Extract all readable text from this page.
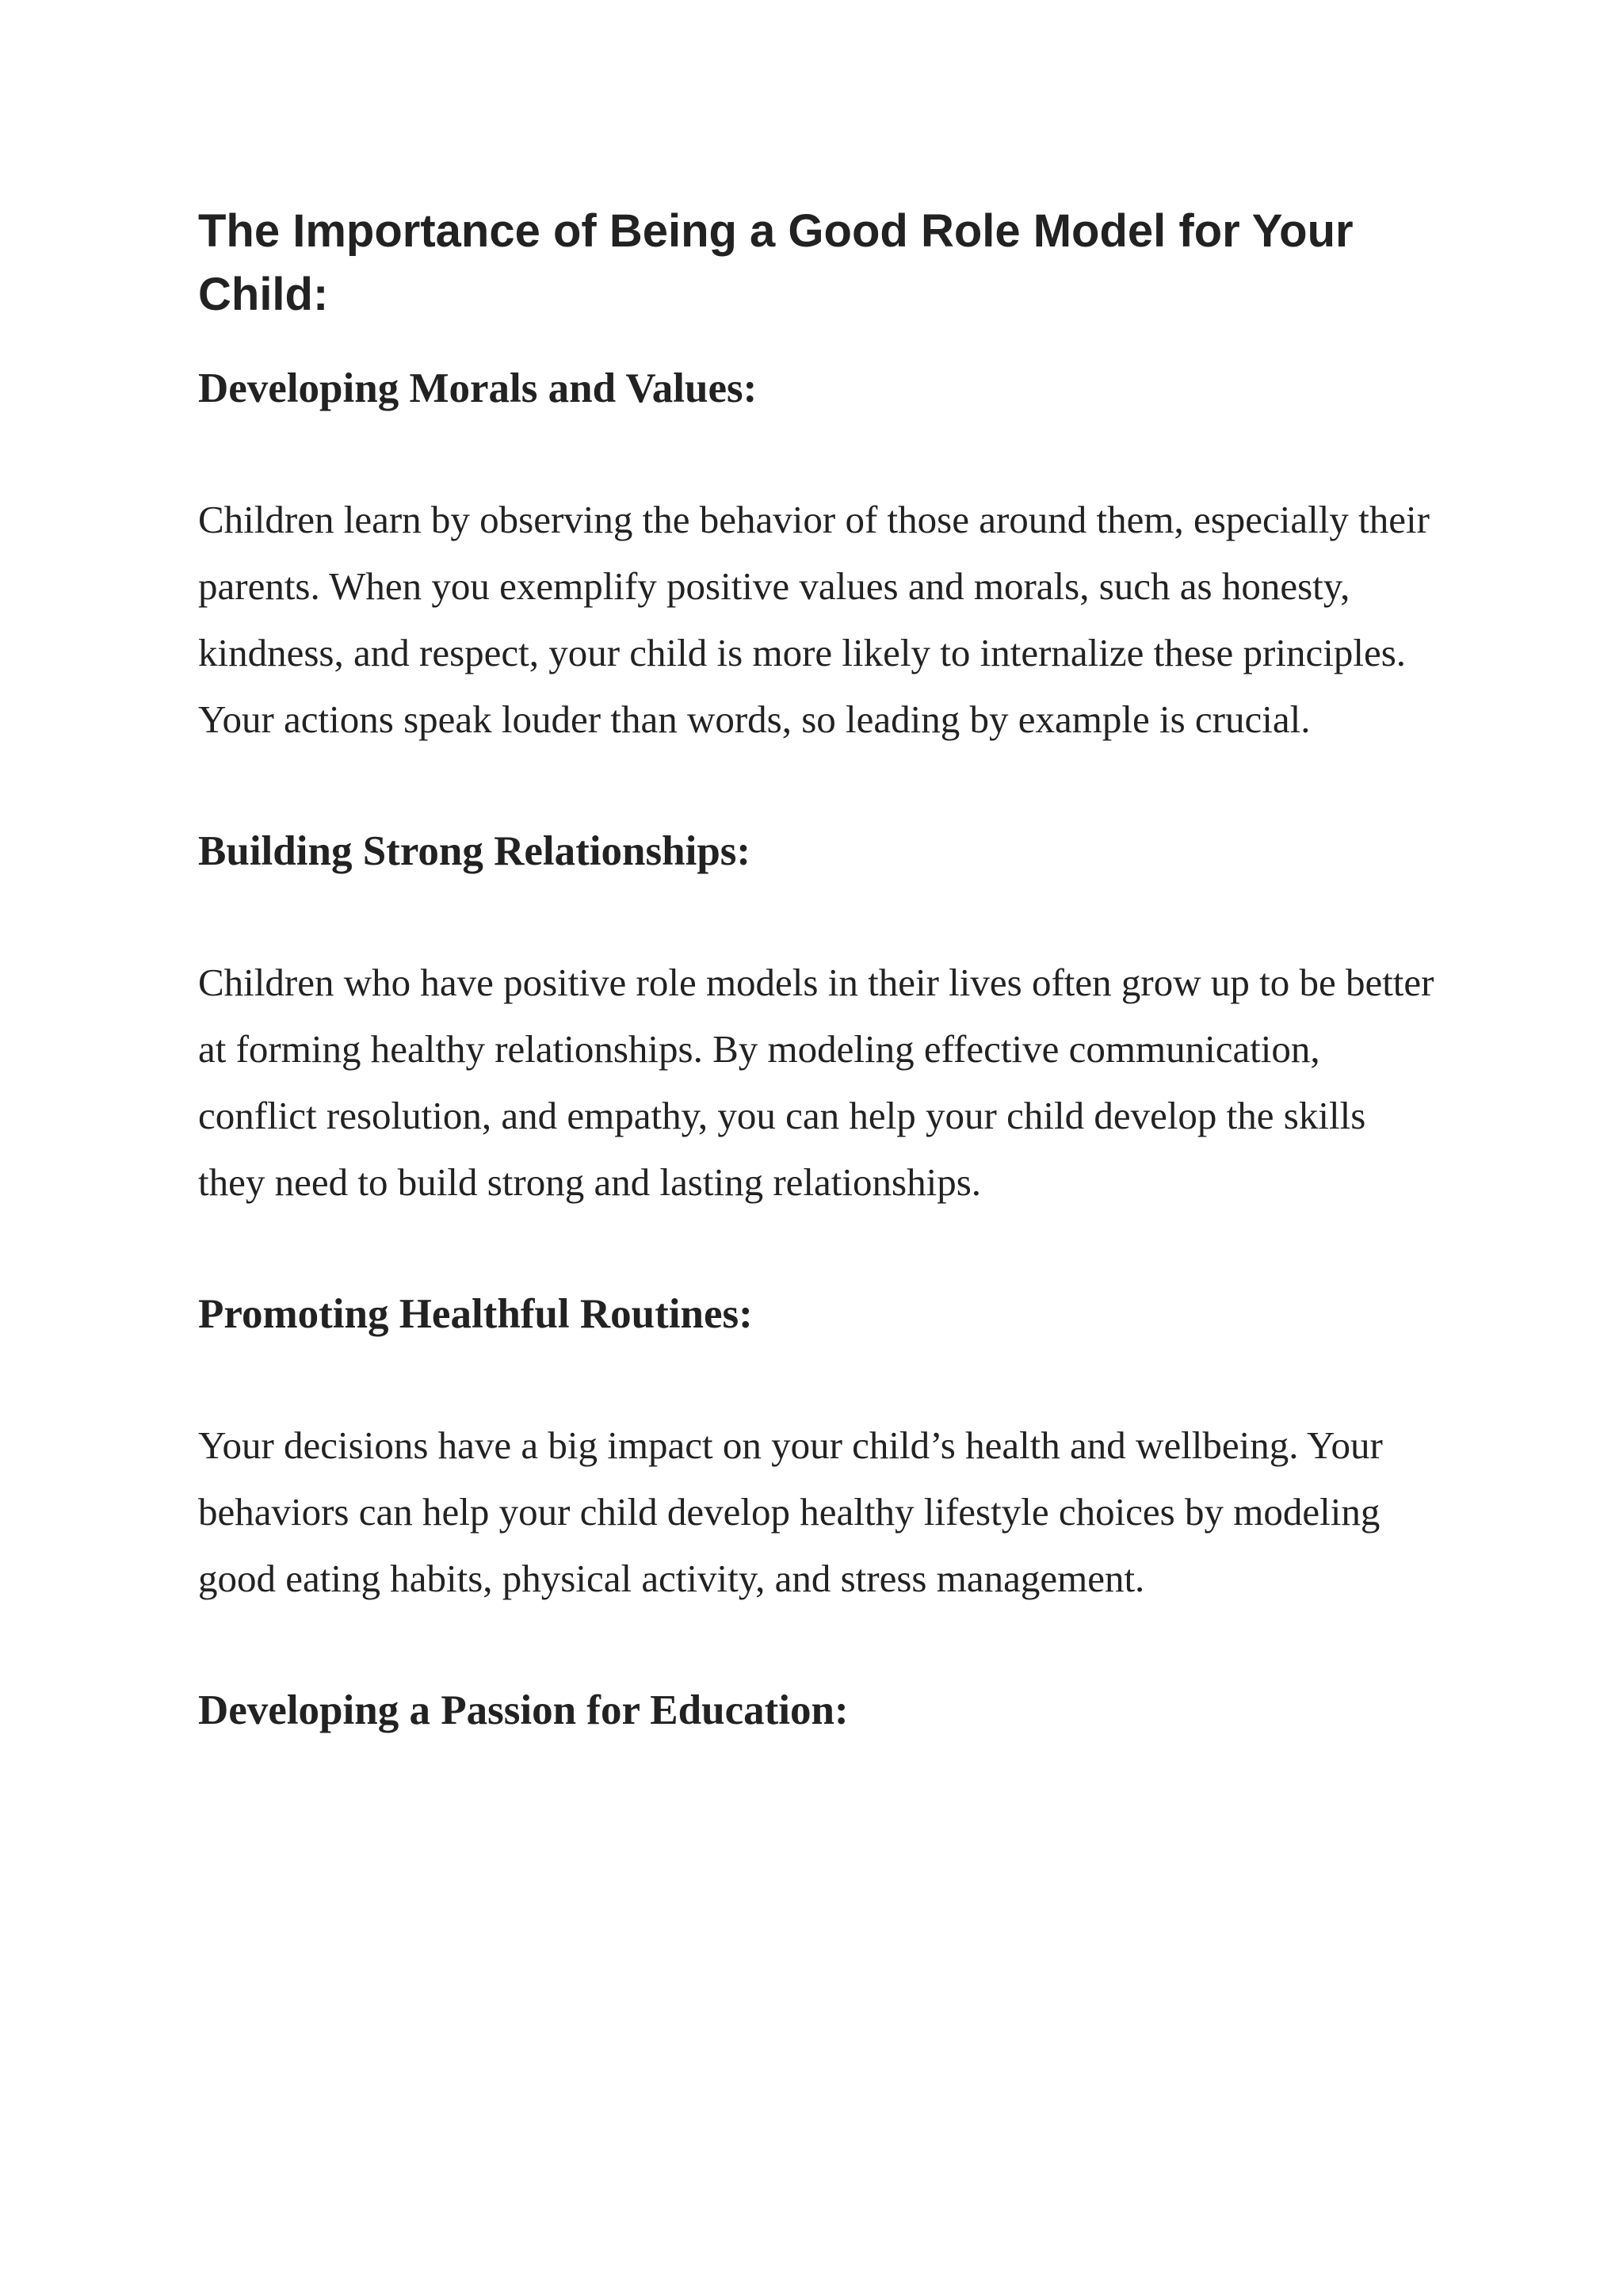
The Importance of Being a Good Role Model for Your Child:
Developing Morals and Values:

Children learn by observing the behavior of those around them, especially their parents. When you exemplify positive values and morals, such as honesty, kindness, and respect, your child is more likely to internalize these principles. Your actions speak louder than words, so leading by example is crucial.

Building Strong Relationships:

Children who have positive role models in their lives often grow up to be better at forming healthy relationships. By modeling effective communication, conflict resolution, and empathy, you can help your child develop the skills they need to build strong and lasting relationships.

Promoting Healthful Routines:

Your decisions have a big impact on your child’s health and wellbeing. Your behaviors can help your child develop healthy lifestyle choices by modeling good eating habits, physical activity, and stress management.

Developing a Passion for Education:
